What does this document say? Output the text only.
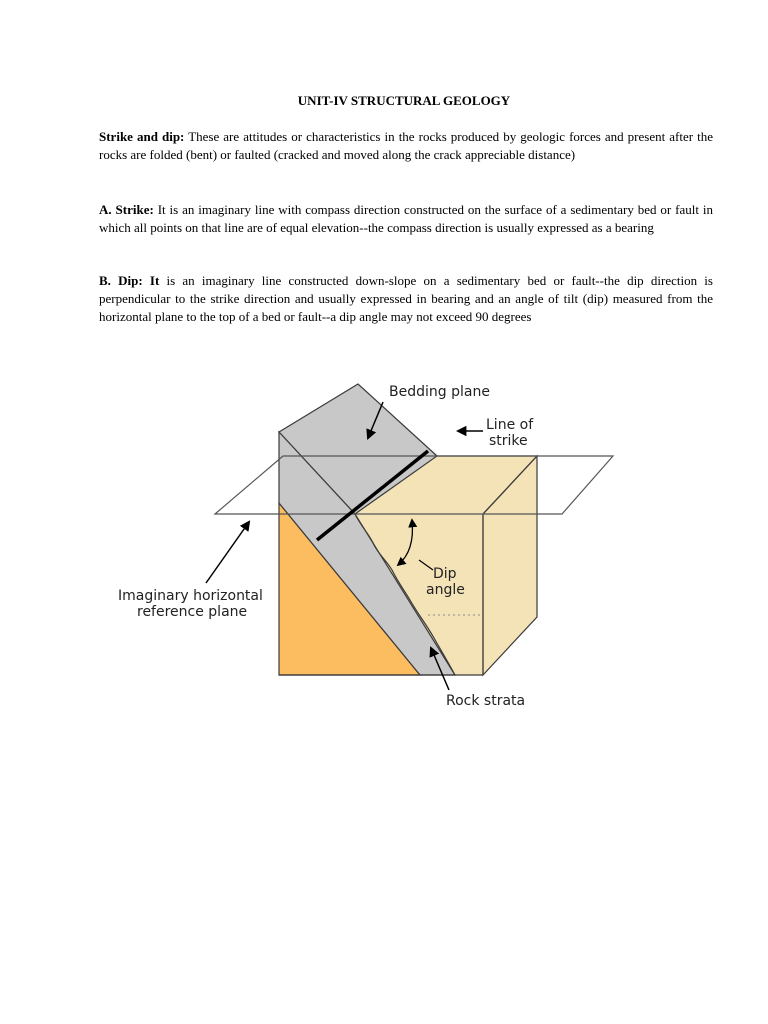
UNIT-IV STRUCTURAL GEOLOGY

Strike and dip: These are attitudes or characteristics in the rocks produced by geologic forces and present after the rocks are folded (bent) or faulted (cracked and moved along the crack appreciable distance)

A. Strike: It is an imaginary line with compass direction constructed on the surface of a sedimentary bed or fault in which all points on that line are of equal elevation--the compass direction is usually expressed as a bearing

B. Dip: It is an imaginary line constructed down-slope on a sedimentary bed or fault--the dip direction is perpendicular to the strike direction and usually expressed in bearing and an angle of tilt (dip) measured from the horizontal plane to the top of a bed or fault--a dip angle may not exceed 90 degrees

Bedding plane
Line of
strike
Imaginary horizontal
reference plane
Dip
angle
Rock strata
